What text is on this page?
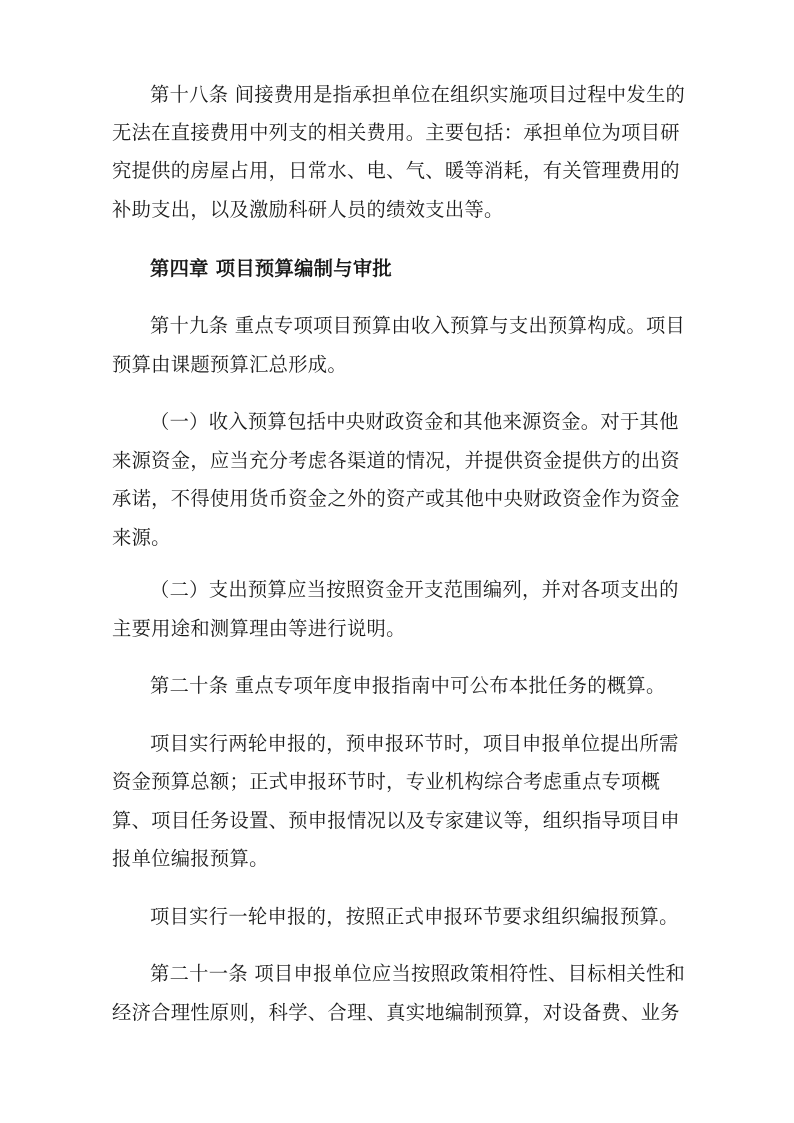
第十八条 间接费用是指承担单位在组织实施项目过程中发生的
无法在直接费用中列支的相关费用。主要包括：承担单位为项目研
究提供的房屋占用，日常水、电、气、暖等消耗，有关管理费用的
补助支出，以及激励科研人员的绩效支出等。
第四章 项目预算编制与审批
第十九条 重点专项项目预算由收入预算与支出预算构成。项目
预算由课题预算汇总形成。
（一）收入预算包括中央财政资金和其他来源资金。对于其他
来源资金，应当充分考虑各渠道的情况，并提供资金提供方的出资
承诺，不得使用货币资金之外的资产或其他中央财政资金作为资金
来源。
（二）支出预算应当按照资金开支范围编列，并对各项支出的
主要用途和测算理由等进行说明。
第二十条 重点专项年度申报指南中可公布本批任务的概算。
项目实行两轮申报的，预申报环节时，项目申报单位提出所需
资金预算总额；正式申报环节时，专业机构综合考虑重点专项概
算、项目任务设置、预申报情况以及专家建议等，组织指导项目申
报单位编报预算。
项目实行一轮申报的，按照正式申报环节要求组织编报预算。
第二十一条 项目申报单位应当按照政策相符性、目标相关性和
经济合理性原则，科学、合理、真实地编制预算，对设备费、业务
